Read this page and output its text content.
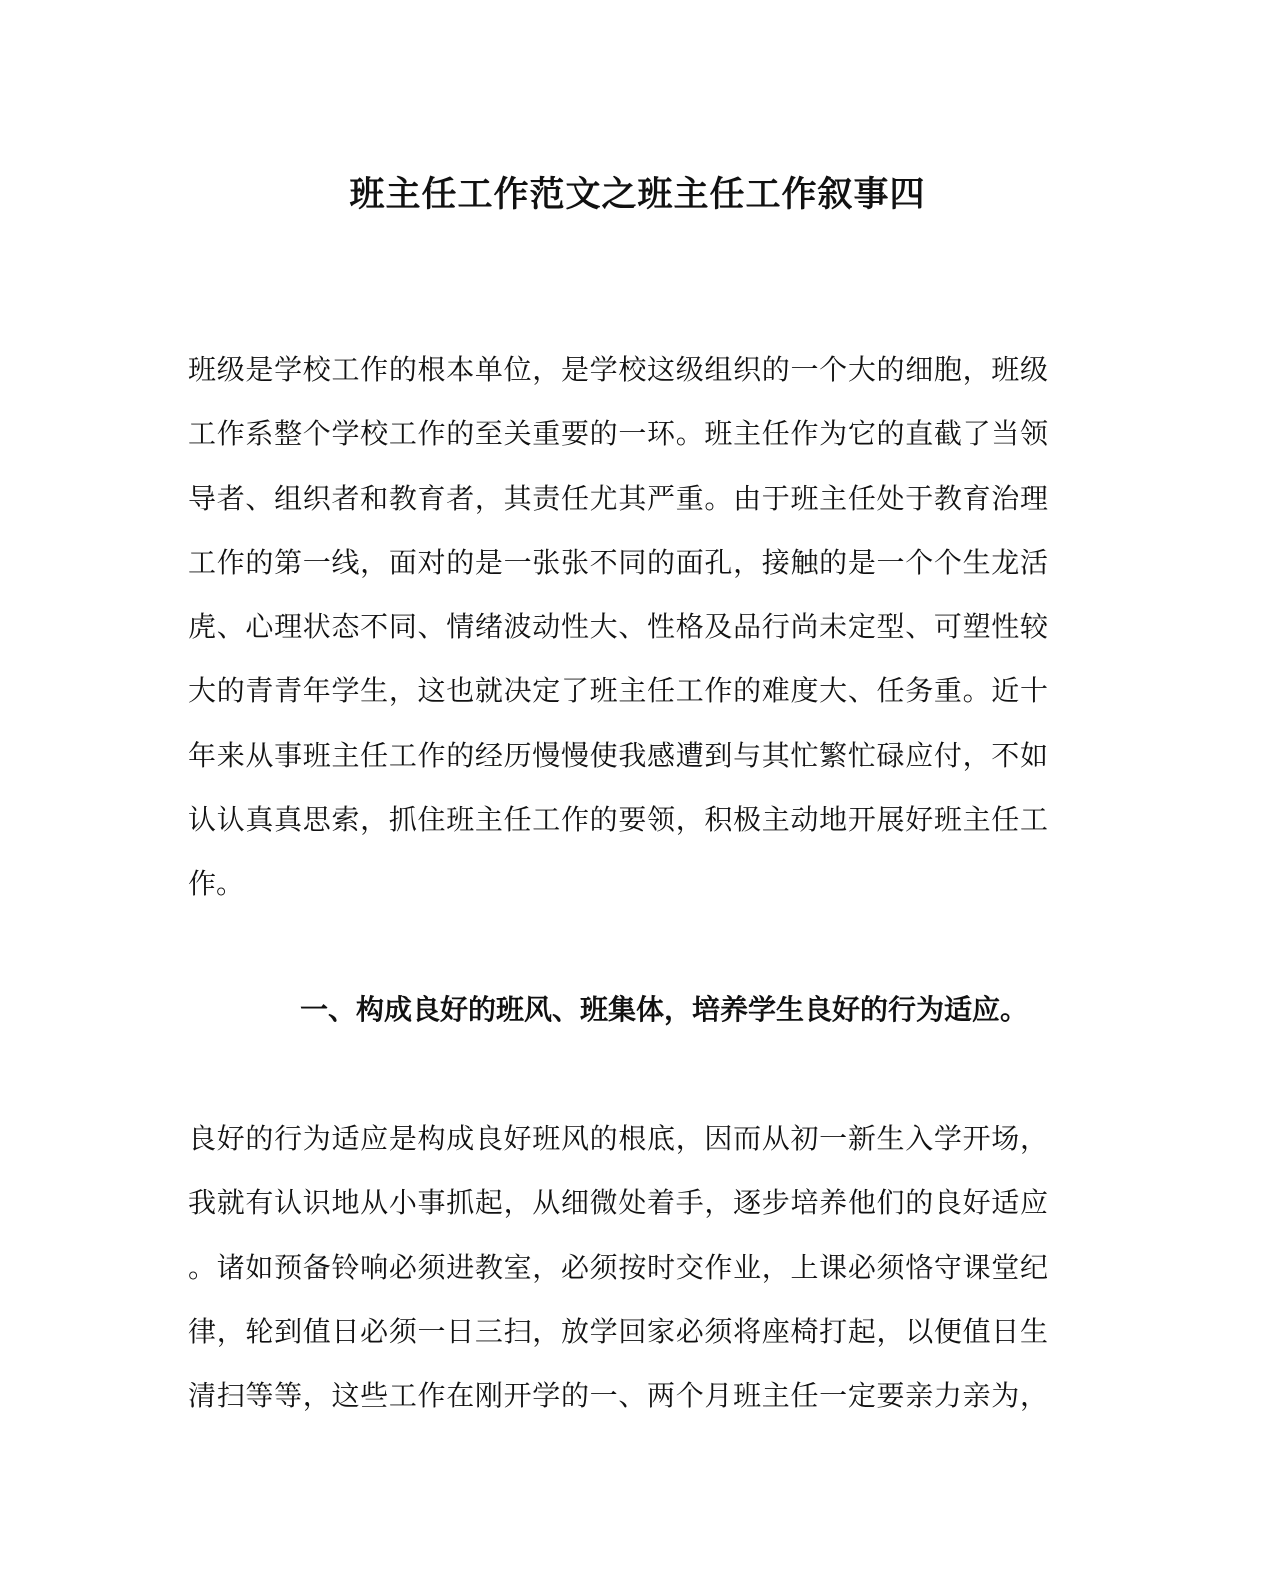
班主任工作范文之班主任工作叙事四
班级是学校工作的根本单位，是学校这级组织的一个大的细胞，班级
工作系整个学校工作的至关重要的一环。班主任作为它的直截了当领
导者、组织者和教育者，其责任尤其严重。由于班主任处于教育治理
工作的第一线，面对的是一张张不同的面孔，接触的是一个个生龙活
虎、心理状态不同、情绪波动性大、性格及品行尚未定型、可塑性较
大的青青年学生，这也就决定了班主任工作的难度大、任务重。近十
年来从事班主任工作的经历慢慢使我感遭到与其忙繁忙碌应付，不如
认认真真思索，抓住班主任工作的要领，积极主动地开展好班主任工
作。
一、构成良好的班风、班集体，培养学生良好的行为适应。
良好的行为适应是构成良好班风的根底，因而从初一新生入学开场，
我就有认识地从小事抓起，从细微处着手，逐步培养他们的良好适应
。诸如预备铃响必须进教室，必须按时交作业，上课必须恪守课堂纪
律，轮到值日必须一日三扫，放学回家必须将座椅打起，以便值日生
清扫等等，这些工作在刚开学的一、两个月班主任一定要亲力亲为，
